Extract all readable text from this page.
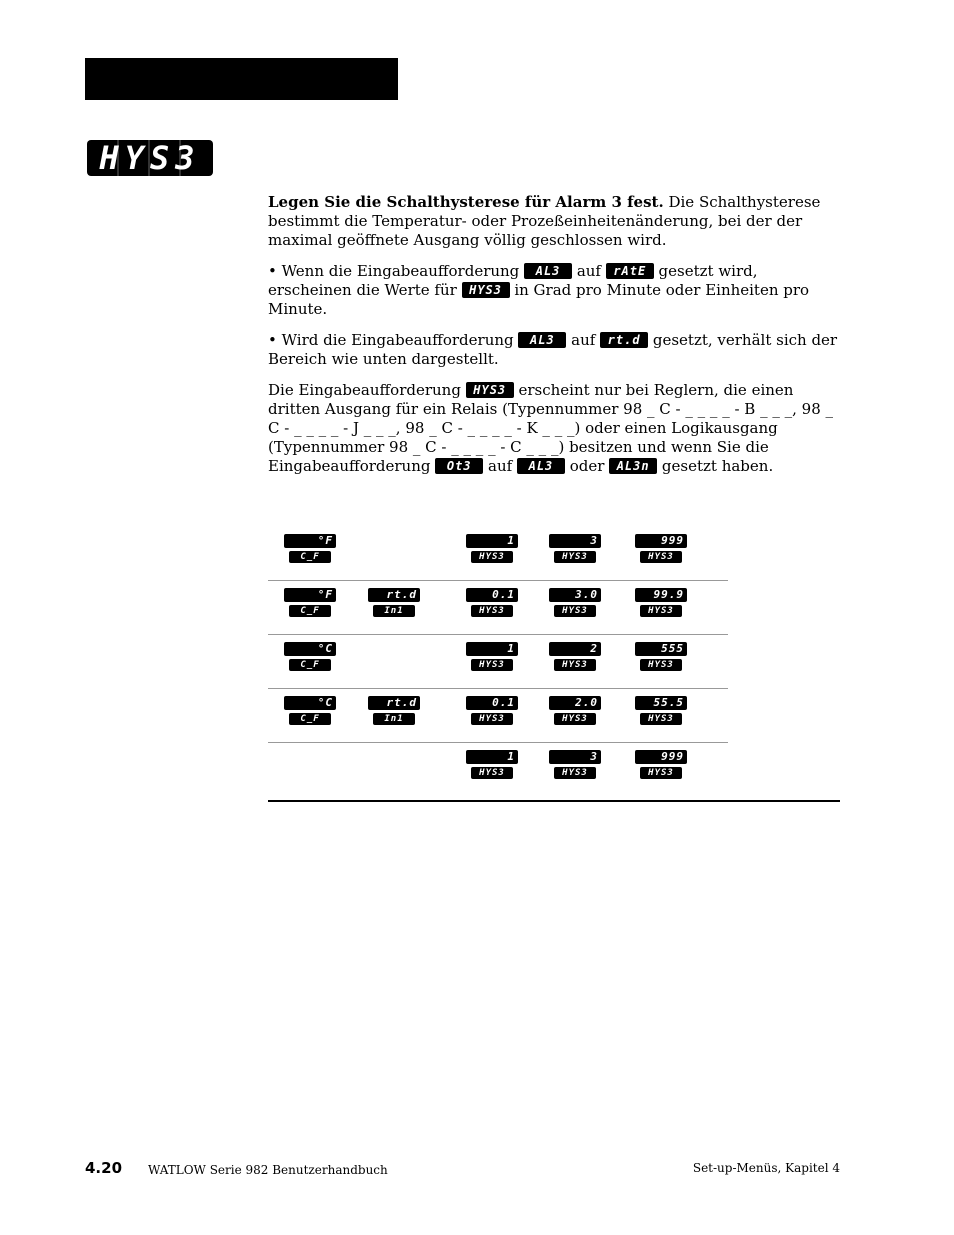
HYS3

Legen Sie die Schalthysterese für Alarm 3 fest. Die Schalthysterese bestimmt die Temperatur- oder Prozeßeinheitenänderung, bei der der maximal geöffnete Ausgang völlig geschlossen wird.

• Wenn die Eingabeaufforderung AL3 auf rAtE gesetzt wird, erscheinen die Werte für HYS3 in Grad pro Minute oder Einheiten pro Minute.

• Wird die Eingabeaufforderung AL3 auf rt.d gesetzt, verhält sich der Bereich wie unten dargestellt.

Die Eingabeaufforderung HYS3 erscheint nur bei Reglern, die einen dritten Ausgang für ein Relais (Typennummer 98 _ C - _ _ _ _ - B _ _ _, 98 _ C - _ _ _ _ - J _ _ _, 98 _ C - _ _ _ _ - K _ _ _) oder einen Logikausgang (Typennummer 98 _ C - _ _ _ _ - C _ _ _) besitzen und wenn Sie die Eingabeaufforderung Ot3 auf AL3 oder AL3n gesetzt haben.

°F
C_F
1
HYS3
3
HYS3
999
HYS3
°F
C_F
rt.d
In1
0.1
HYS3
3.0
HYS3
99.9
HYS3
°C
C_F
1
HYS3
2
HYS3
555
HYS3
°C
C_F
rt.d
In1
0.1
HYS3
2.0
HYS3
55.5
HYS3
1
HYS3
3
HYS3
999
HYS3
4.20 WATLOW Serie 982 Benutzerhandbuch	Set-up-Menüs, Kapitel 4
